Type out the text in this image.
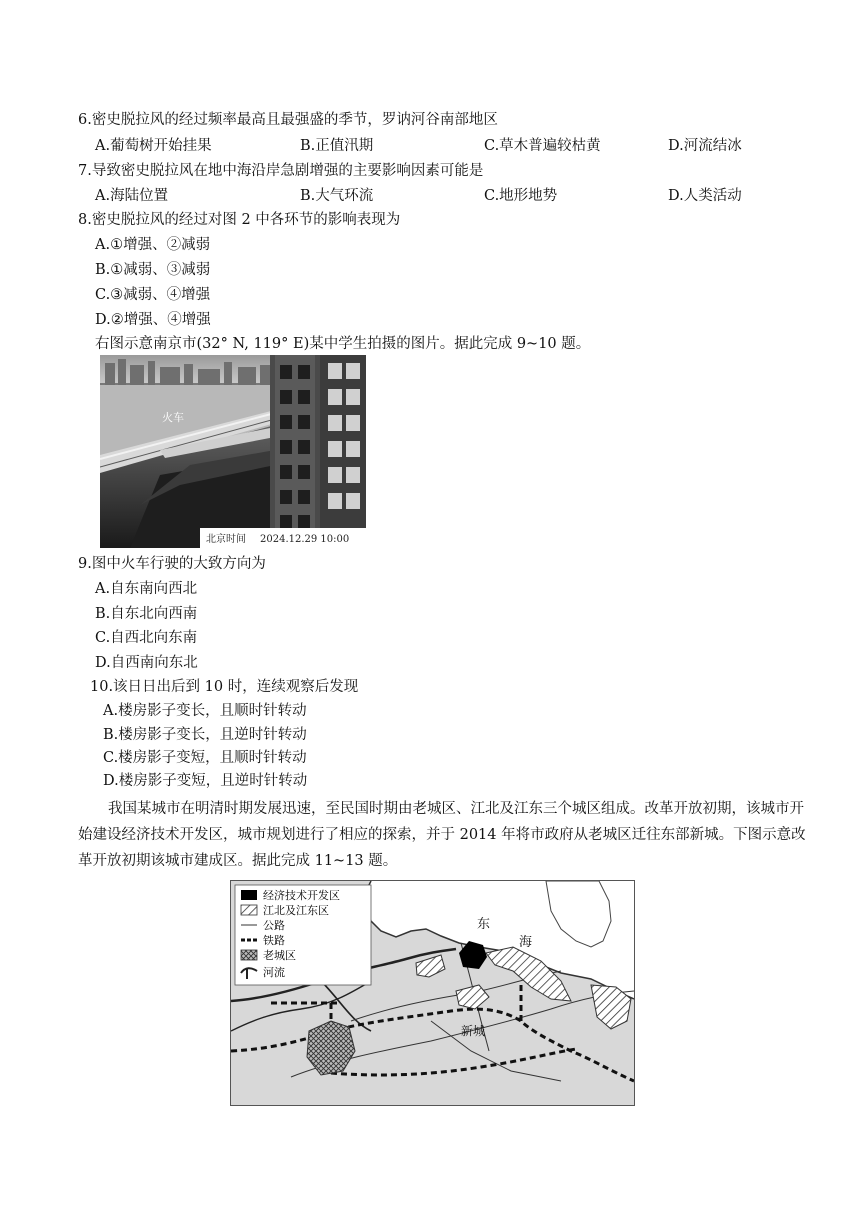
6.密史脱拉风的经过频率最高且最强盛的季节，罗讷河谷南部地区
A.葡萄树开始挂果	B.正值汛期	C.草木普遍较枯黄	D.河流结冰
7.导致密史脱拉风在地中海沿岸急剧增强的主要影响因素可能是
A.海陆位置	B.大气环流	C.地形地势	D.人类活动
8.密史脱拉风的经过对图 2 中各环节的影响表现为
A.①增强、②减弱
B.①减弱、③减弱
C.③减弱、④增强
D.②增强、④增强
右图示意南京市(32° N, 119° E)某中学生拍摄的图片。据此完成 9~10 题。
火车
北京时间 2024.12.29 10:00
9.图中火车行驶的大致方向为
A.自东南向西北
B.自东北向西南
C.自西北向东南
D.自西南向东北
10.该日日出后到 10 时，连续观察后发现
A.楼房影子变长，且顺时针转动
B.楼房影子变长，且逆时针转动
C.楼房影子变短，且顺时针转动
D.楼房影子变短，且逆时针转动
我国某城市在明清时期发展迅速，至民国时期由老城区、江北及江东三个城区组成。改革开放初期，该城市开始建设经济技术开发区，城市规划进行了相应的探索，并于 2014 年将市政府从老城区迁往东部新城。下图示意改革开放初期该城市建成区。据此完成 11~13 题。
东
海
新城
经济技术开发区
江北及江东区
公路
铁路
老城区
河流
